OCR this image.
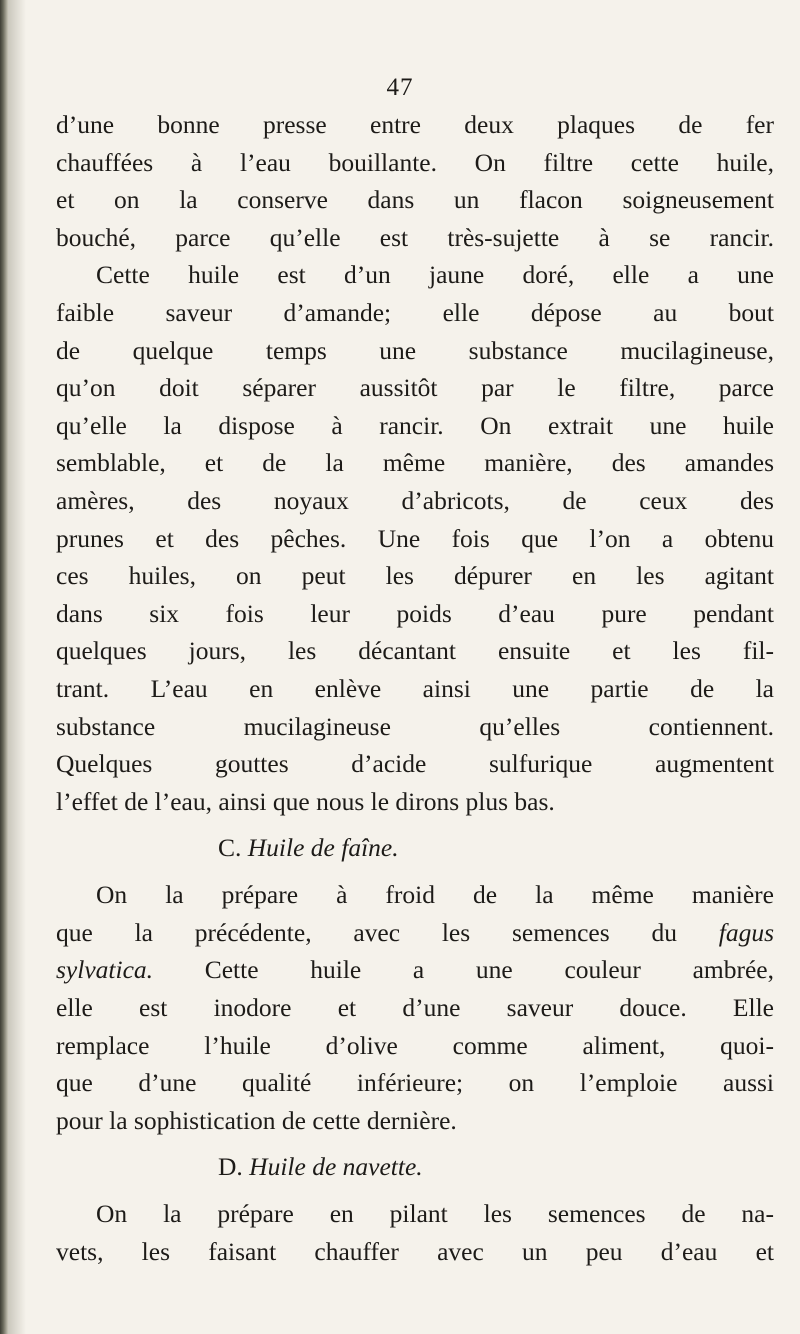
47

d’une bonne presse entre deux plaques de fer
chauffées à l’eau bouillante. On filtre cette huile,
et on la conserve dans un flacon soigneusement
bouché, parce qu’elle est très-sujette à se rancir.

Cette huile est d’un jaune doré, elle a une
faible saveur d’amande; elle dépose au bout
de quelque temps une substance mucilagineuse,
qu’on doit séparer aussitôt par le filtre, parce
qu’elle la dispose à rancir. On extrait une huile
semblable, et de la même manière, des amandes
amères, des noyaux d’abricots, de ceux des
prunes et des pêches. Une fois que l’on a obtenu
ces huiles, on peut les dépurer en les agitant
dans six fois leur poids d’eau pure pendant
quelques jours, les décantant ensuite et les fil-
trant. L’eau en enlève ainsi une partie de la
substance mucilagineuse qu’elles contiennent.
Quelques gouttes d’acide sulfurique augmentent
l’effet de l’eau, ainsi que nous le dirons plus bas.

C. Huile de faîne.

On la prépare à froid de la même manière
que la précédente, avec les semences du fagus
sylvatica. Cette huile a une couleur ambrée,
elle est inodore et d’une saveur douce. Elle
remplace l’huile d’olive comme aliment, quoi-
que d’une qualité inférieure; on l’emploie aussi
pour la sophistication de cette dernière.

D. Huile de navette.

On la prépare en pilant les semences de na-
vets, les faisant chauffer avec un peu d’eau et
